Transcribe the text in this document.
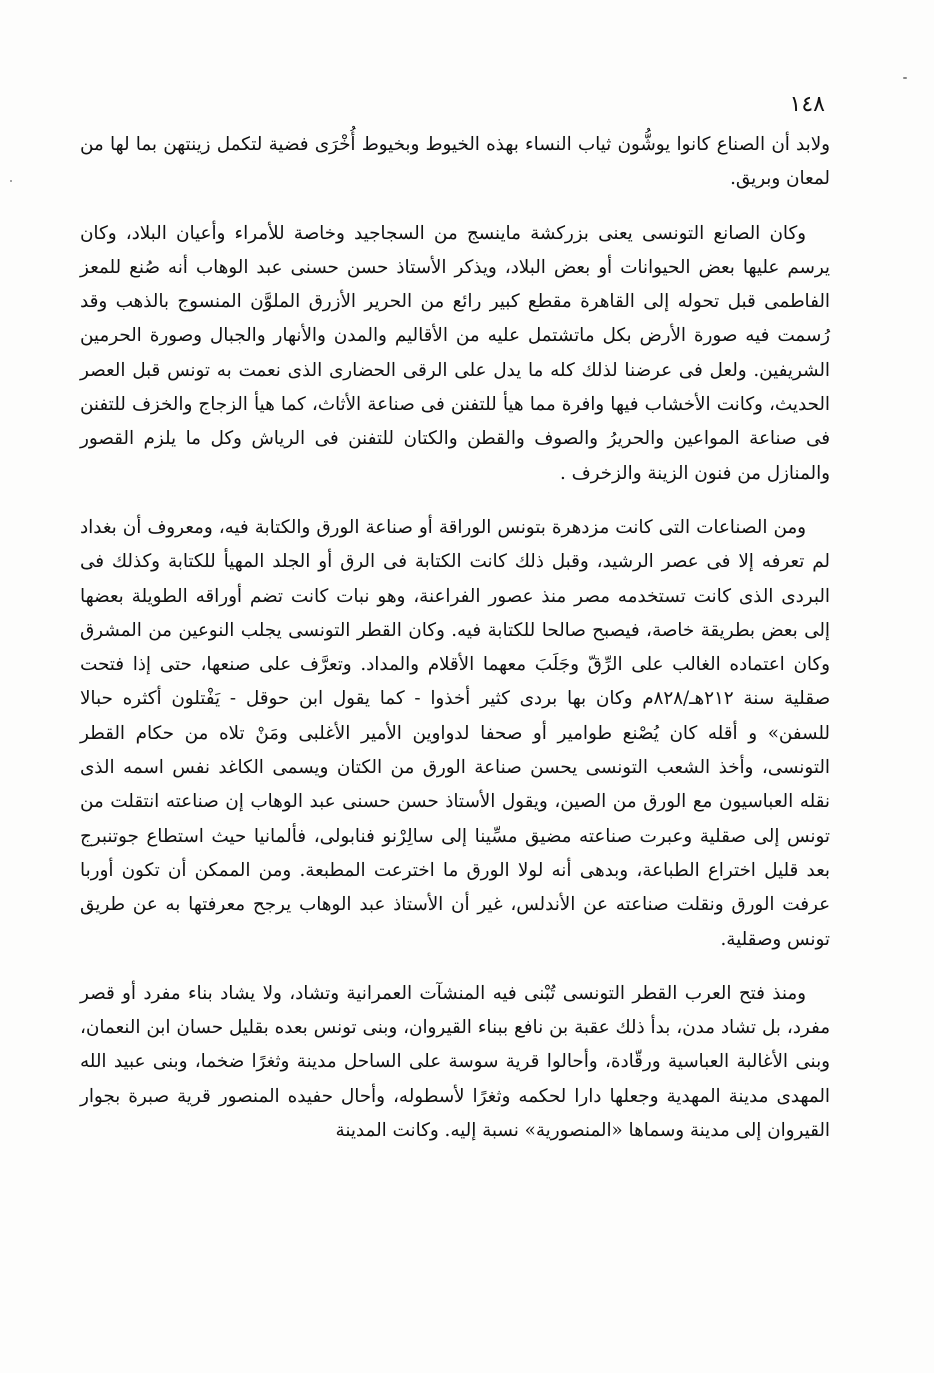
١٤٨

ولابد أن الصناع كانوا يوشُّون ثياب النساء بهذه الخيوط وبخيوط أُخْرَى فضية لتكمل زينتهن بما لها من لمعان وبريق.

وكان الصانع التونسى يعنى بزركشة ماينسج من السجاجيد وخاصة للأمراء وأعيان البلاد، وكان يرسم عليها بعض الحيوانات أو بعض البلاد، ويذكر الأستاذ حسن حسنى عبد الوهاب أنه صُنع للمعز الفاطمى قبل تحوله إلى القاهرة مقطع كبير رائع من الحرير الأزرق الملوَّن المنسوج بالذهب وقد رُسمت فيه صورة الأرض بكل ماتشتمل عليه من الأقاليم والمدن والأنهار والجبال وصورة الحرمين الشريفين. ولعل فى عرضنا لذلك كله ما يدل على الرقى الحضارى الذى نعمت به تونس قبل العصر الحديث، وكانت الأخشاب فيها وافرة مما هيأ للتفنن فى صناعة الأثاث، كما هيأ الزجاج والخزف للتفنن فى صناعة المواعين والحريرُ والصوف والقطن والكتان للتفنن فى الرياش وكل ما يلزم القصور والمنازل من فنون الزينة والزخرف .

ومن الصناعات التى كانت مزدهرة بتونس الوراقة أو صناعة الورق والكتابة فيه، ومعروف أن بغداد لم تعرفه إلا فى عصر الرشيد، وقبل ذلك كانت الكتابة فى الرق أو الجلد المهيأ للكتابة وكذلك فى البردى الذى كانت تستخدمه مصر منذ عصور الفراعنة، وهو نبات كانت تضم أوراقه الطويلة بعضها إلى بعض بطريقة خاصة، فيصبح صالحا للكتابة فيه. وكان القطر التونسى يجلب النوعين من المشرق وكان اعتماده الغالب على الرِّقّ وجَلَبَ معهما الأقلام والمداد. وتعرَّف على صنعها، حتى إذا فتحت صقلية سنة ٢١٢هـ/٨٢٨م وكان بها بردى كثير أخذوا - كما يقول ابن حوقل - يَفْتلون أكثره حبالا للسفن» و أقله كان يُصْنع طوامير أو صحفا لدواوين الأمير الأغلبى ومَنْ تلاه من حكام القطر التونسى، وأخذ الشعب التونسى يحسن صناعة الورق من الكتان ويسمى الكاغد نفس اسمه الذى نقله العباسيون مع الورق من الصين، ويقول الأستاذ حسن حسنى عبد الوهاب إن صناعته انتقلت من تونس إلى صقلية وعبرت صناعته مضيق مسِّينا إلى سالِرْنو فنابولى، فألمانيا حيث استطاع جوتنبرج بعد قليل اختراع الطباعة، وبدهى أنه لولا الورق ما اخترعت المطبعة. ومن الممكن أن تكون أوربا عرفت الورق ونقلت صناعته عن الأندلس، غير أن الأستاذ عبد الوهاب يرجح معرفتها به عن طريق تونس وصقلية.

ومنذ فتح العرب القطر التونسى تُبْنى فيه المنشآت العمرانية وتشاد، ولا يشاد بناء مفرد أو قصر مفرد، بل تشاد مدن، بدأ ذلك عقبة بن نافع ببناء القيروان، وبنى تونس بعده بقليل حسان ابن النعمان، وبنى الأغالبة العباسية ورقّادة، وأحالوا قرية سوسة على الساحل مدينة وثغرًا ضخما، وبنى عبيد الله المهدى مدينة المهدية وجعلها دارا لحكمه وثغرًا لأسطوله، وأحال حفيده المنصور قرية صبرة بجوار القيروان إلى مدينة وسماها «المنصورية» نسبة إليه. وكانت المدينة
